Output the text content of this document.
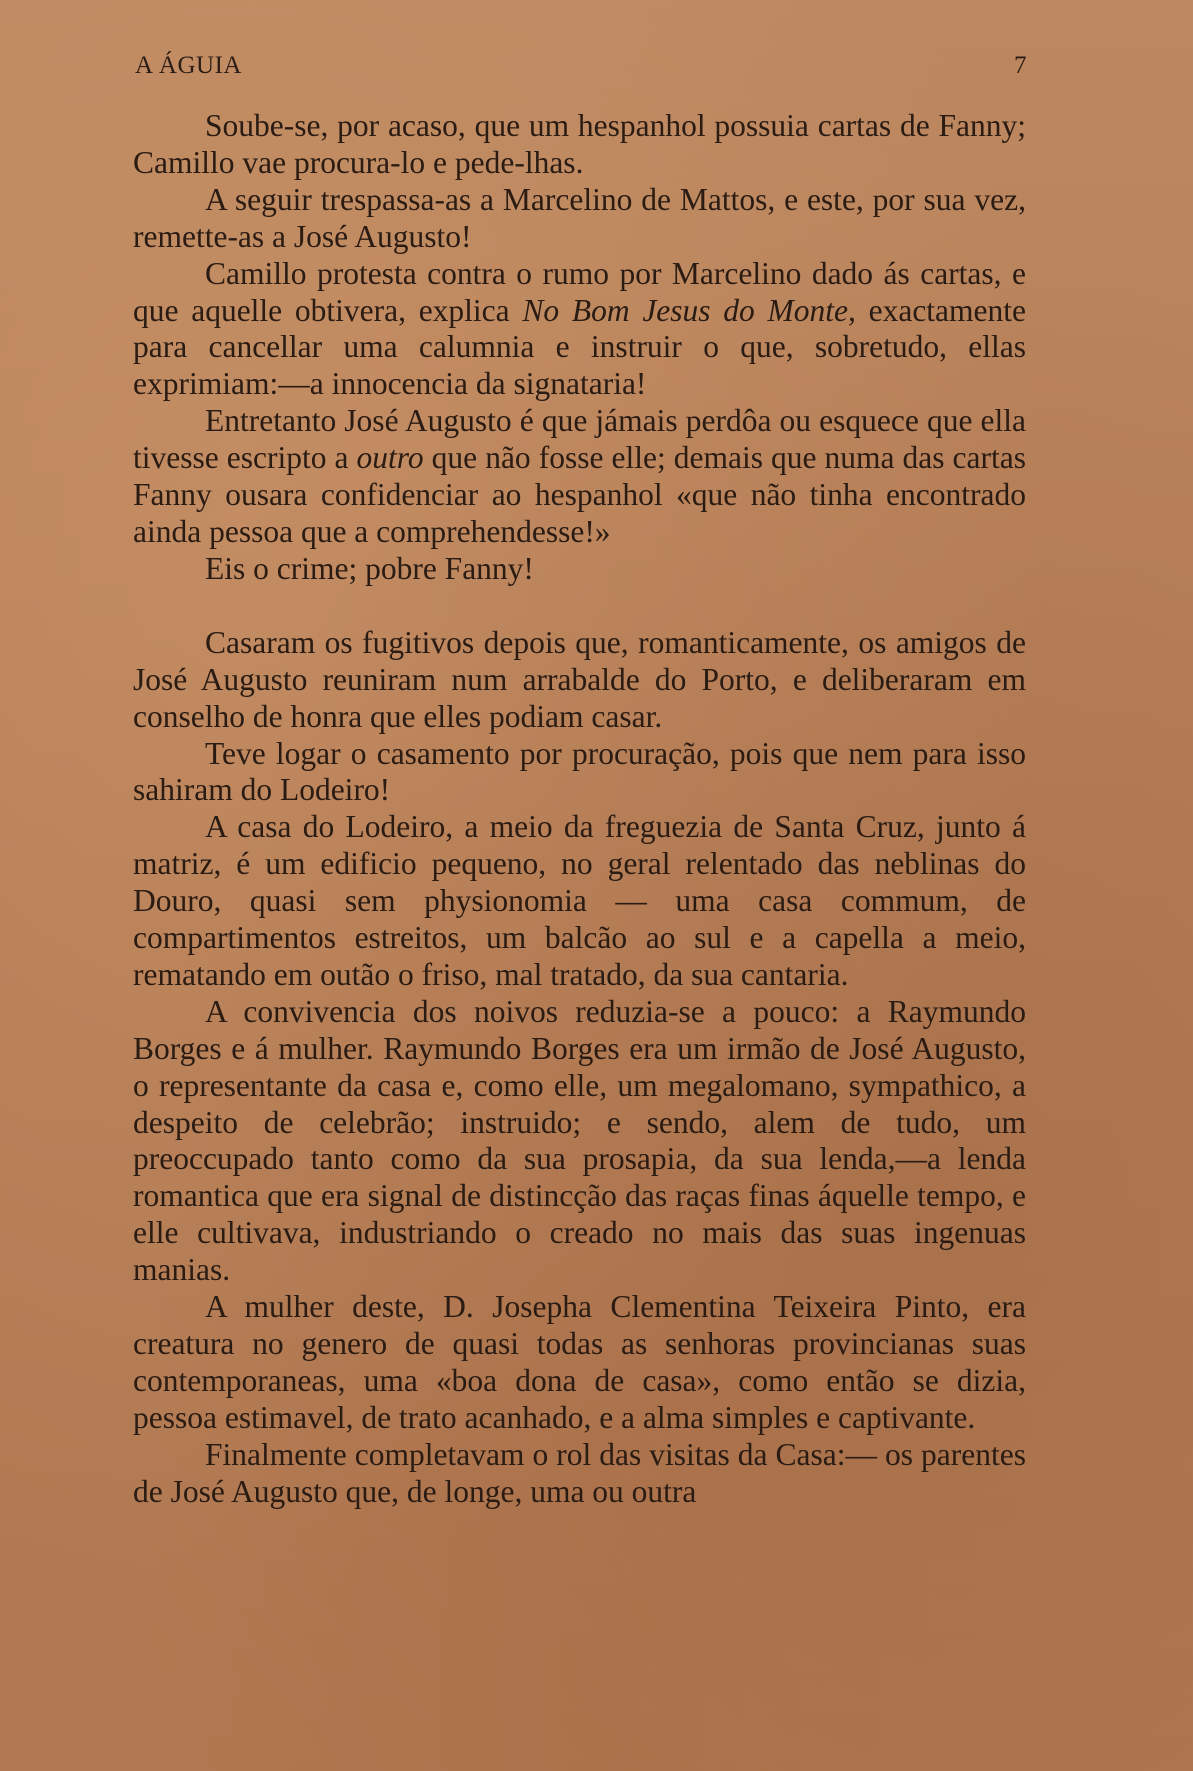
A ÁGUIA	7

Soube-se, por acaso, que um hespanhol possuia cartas de Fanny; Camillo vae procura-lo e pede-lhas.

A seguir trespassa-as a Marcelino de Mattos, e este, por sua vez, remette-as a José Augusto!

Camillo protesta contra o rumo por Marcelino dado ás cartas, e que aquelle obtivera, explica No Bom Jesus do Monte, exactamente para cancellar uma calumnia e instruir o que, sobretudo, ellas exprimiam:—a innocencia da signataria!

Entretanto José Augusto é que jámais perdôa ou esquece que ella tivesse escripto a outro que não fosse elle; demais que numa das cartas Fanny ousara confidenciar ao hespanhol «que não tinha encontrado ainda pessoa que a comprehendesse!»

Eis o crime; pobre Fanny!

Casaram os fugitivos depois que, romanticamente, os amigos de José Augusto reuniram num arrabalde do Porto, e deliberaram em conselho de honra que elles podiam casar.

Teve logar o casamento por procuração, pois que nem para isso sahiram do Lodeiro!

A casa do Lodeiro, a meio da freguezia de Santa Cruz, junto á matriz, é um edificio pequeno, no geral relentado das neblinas do Douro, quasi sem physionomia — uma casa commum, de compartimentos estreitos, um balcão ao sul e a capella a meio, rematando em outão o friso, mal tratado, da sua cantaria.

A convivencia dos noivos reduzia-se a pouco: a Raymundo Borges e á mulher. Raymundo Borges era um irmão de José Augusto, o representante da casa e, como elle, um megalomano, sympathico, a despeito de celebrão; instruido; e sendo, alem de tudo, um preoccupado tanto como da sua prosapia, da sua lenda,—a lenda romantica que era signal de distincção das raças finas áquelle tempo, e elle cultivava, industriando o creado no mais das suas ingenuas manias.

A mulher deste, D. Josepha Clementina Teixeira Pinto, era creatura no genero de quasi todas as senhoras provincianas suas contemporaneas, uma «boa dona de casa», como então se dizia, pessoa estimavel, de trato acanhado, e a alma simples e captivante.

Finalmente completavam o rol das visitas da Casa:— os parentes de José Augusto que, de longe, uma ou outra
